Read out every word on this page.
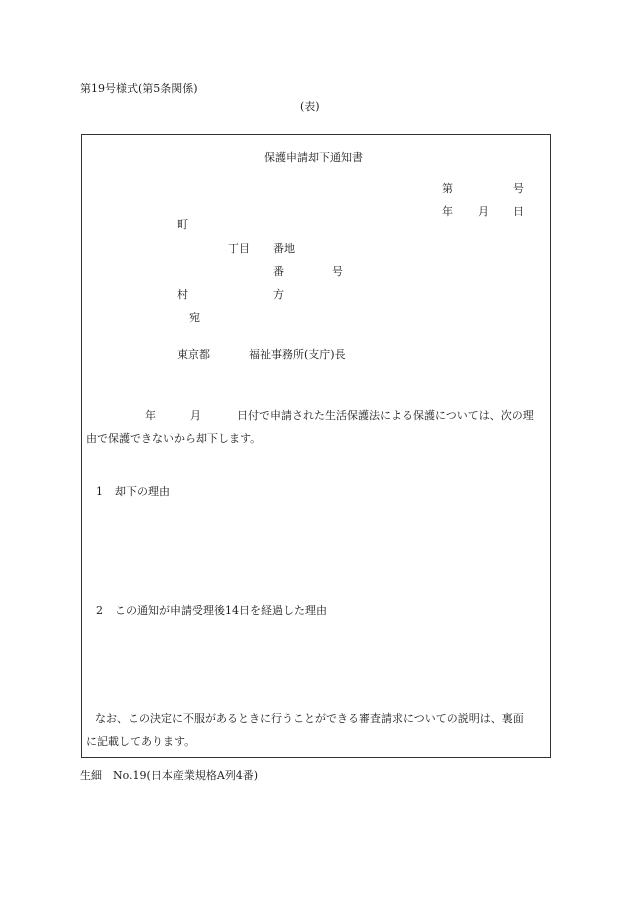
第19号様式(第5条関係)
(表)
保護申請却下通知書
第	号
年 月 日
町
丁目 番地
番	号
村	方
宛
東京都	福祉事務所(支庁)長
年	月	日付で申請された生活保護法による保護については、次の理
由で保護できないから却下します。
1 却下の理由
2 この通知が申請受理後14日を経過した理由
なお、この決定に不服があるときに行うことができる審査請求についての説明は、裏面
に記載してあります。
生細　No.19(日本産業規格A列4番)
